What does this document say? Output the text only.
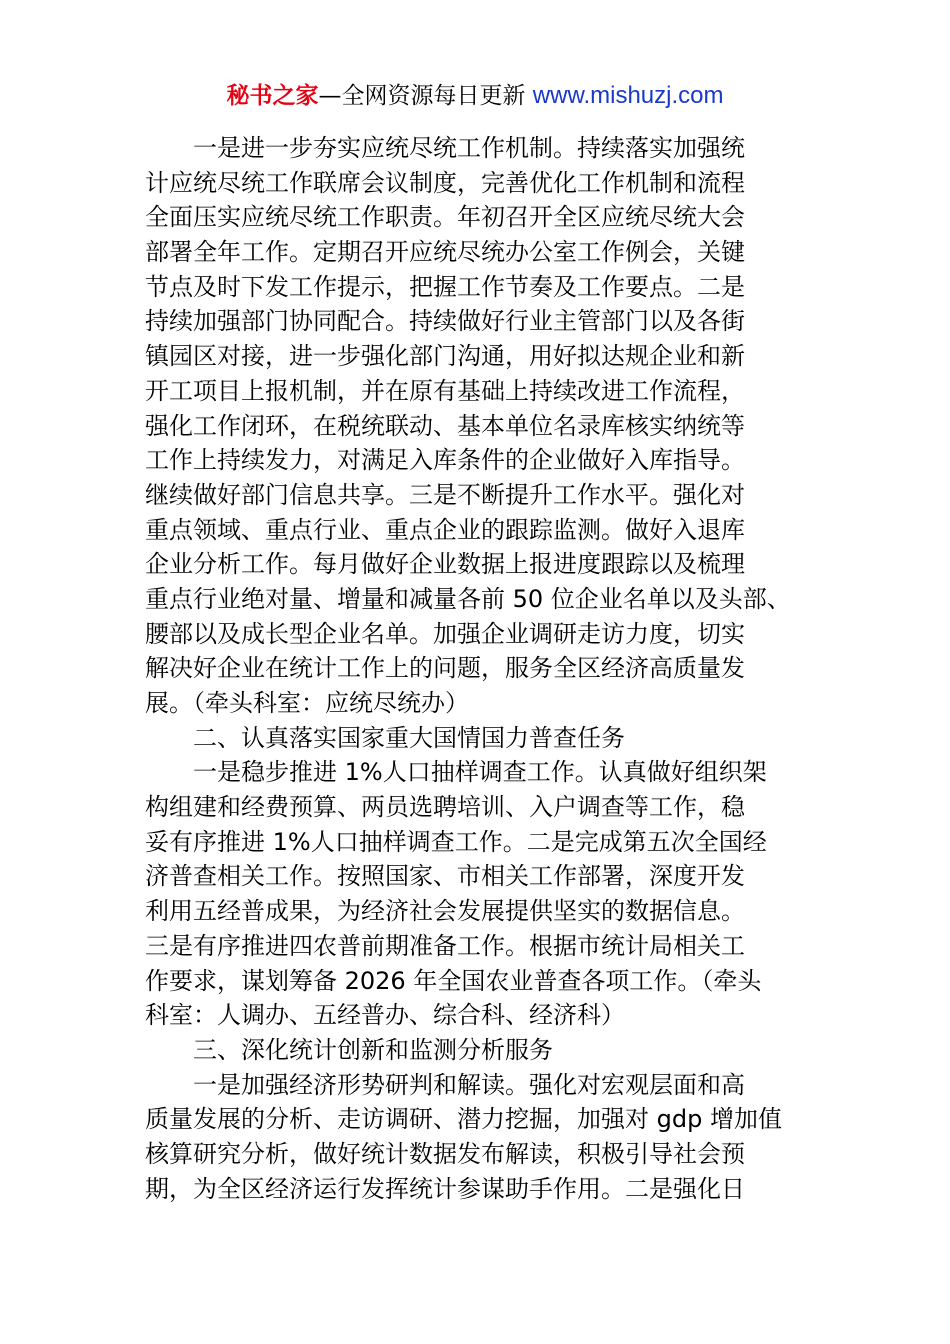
秘书之家—全网资源每日更新 www.mishuzj.com
一是进一步夯实应统尽统工作机制。持续落实加强统
计应统尽统工作联席会议制度，完善优化工作机制和流程
全面压实应统尽统工作职责。年初召开全区应统尽统大会
部署全年工作。定期召开应统尽统办公室工作例会，关键
节点及时下发工作提示，把握工作节奏及工作要点。二是
持续加强部门协同配合。持续做好行业主管部门以及各街
镇园区对接，进一步强化部门沟通，用好拟达规企业和新
开工项目上报机制，并在原有基础上持续改进工作流程，
强化工作闭环，在税统联动、基本单位名录库核实纳统等
工作上持续发力，对满足入库条件的企业做好入库指导。
继续做好部门信息共享。三是不断提升工作水平。强化对
重点领域、重点行业、重点企业的跟踪监测。做好入退库
企业分析工作。每月做好企业数据上报进度跟踪以及梳理
重点行业绝对量、增量和减量各前 50 位企业名单以及头部、
腰部以及成长型企业名单。加强企业调研走访力度，切实
解决好企业在统计工作上的问题，服务全区经济高质量发
展。（牵头科室：应统尽统办）
二、认真落实国家重大国情国力普查任务
一是稳步推进 1%人口抽样调查工作。认真做好组织架
构组建和经费预算、两员选聘培训、入户调查等工作，稳
妥有序推进 1%人口抽样调查工作。二是完成第五次全国经
济普查相关工作。按照国家、市相关工作部署，深度开发
利用五经普成果，为经济社会发展提供坚实的数据信息。
三是有序推进四农普前期准备工作。根据市统计局相关工
作要求，谋划筹备 2026 年全国农业普查各项工作。（牵头
科室：人调办、五经普办、综合科、经济科）
三、深化统计创新和监测分析服务
一是加强经济形势研判和解读。强化对宏观层面和高
质量发展的分析、走访调研、潜力挖掘，加强对 gdp 增加值
核算研究分析，做好统计数据发布解读，积极引导社会预
期，为全区经济运行发挥统计参谋助手作用。二是强化日
